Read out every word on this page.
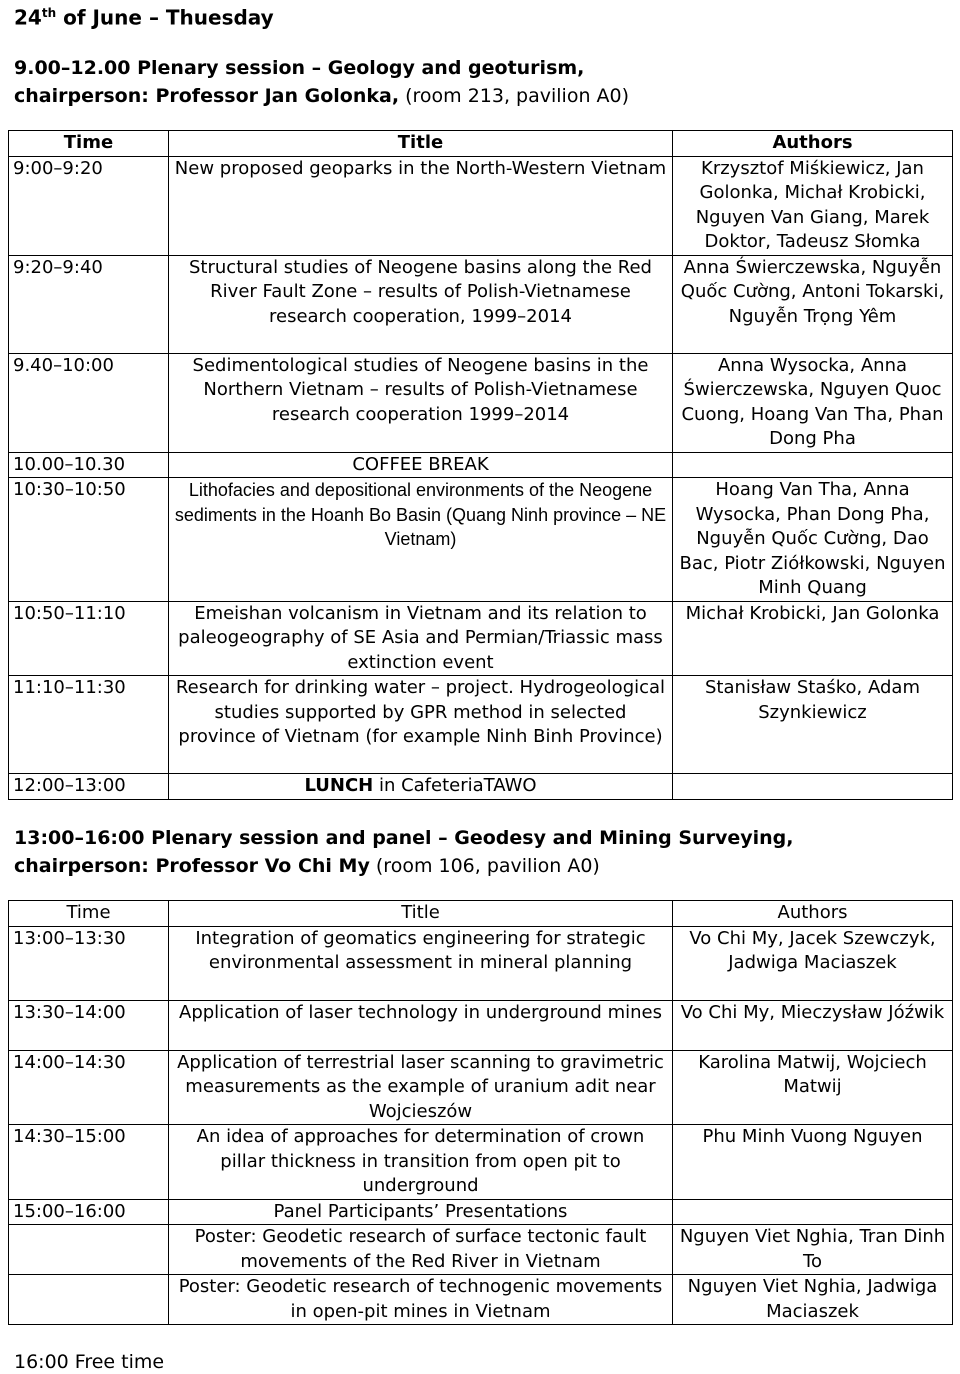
24th of June – Thuesday
9.00–12.00 Plenary session – Geology and geoturism,
chairperson: Professor Jan Golonka, (room 213, pavilion A0)
Time	Title	Authors
9:00–9:20	New proposed geoparks in the North-Western Vietnam	Krzysztof Miśkiewicz, Jan Golonka, Michał Krobicki, Nguyen Van Giang, Marek Doktor, Tadeusz Słomka
9:20–9:40	Structural studies of Neogene basins along the Red River Fault Zone – results of Polish-Vietnamese research cooperation, 1999–2014	Anna Świerczewska, Nguyễn Quốc Cường, Antoni Tokarski, Nguyễn Trọng Yêm
9.40–10:00	Sedimentological studies of Neogene basins in the Northern Vietnam – results of Polish-Vietnamese research cooperation 1999–2014	Anna Wysocka, Anna Świerczewska, Nguyen Quoc Cuong, Hoang Van Tha, Phan Dong Pha
10.00–10.30	COFFEE BREAK	
10:30–10:50	Lithofacies and depositional environments of the Neogene sediments in the Hoanh Bo Basin (Quang Ninh province – NE Vietnam)	Hoang Van Tha, Anna Wysocka, Phan Dong Pha, Nguyễn Quốc Cường, Dao Bac, Piotr Ziółkowski, Nguyen Minh Quang
10:50–11:10	Emeishan volcanism in Vietnam and its relation to paleogeography of SE Asia and Permian/Triassic mass extinction event	Michał Krobicki, Jan Golonka
11:10–11:30	Research for drinking water – project. Hydrogeological studies supported by GPR method in selected province of Vietnam (for example Ninh Binh Province)	Stanisław Staśko, Adam Szynkiewicz
12:00–13:00	LUNCH in CafeteriaTAWO	
13:00–16:00 Plenary session and panel – Geodesy and Mining Surveying,
chairperson: Professor Vo Chi My (room 106, pavilion A0)
Time	Title	Authors
13:00–13:30	Integration of geomatics engineering for strategic environmental assessment in mineral planning	Vo Chi My, Jacek Szewczyk, Jadwiga Maciaszek
13:30–14:00	Application of laser technology in underground mines	Vo Chi My, Mieczysław Jóźwik
14:00–14:30	Application of terrestrial laser scanning to gravimetric measurements as the example of uranium adit near Wojcieszów	Karolina Matwij, Wojciech Matwij
14:30–15:00	An idea of approaches for determination of crown pillar thickness in transition from open pit to underground	Phu Minh Vuong Nguyen
15:00–16:00	Panel Participants’ Presentations	
	Poster: Geodetic research of surface tectonic fault movements of the Red River in Vietnam	Nguyen Viet Nghia, Tran Dinh To
	Poster: Geodetic research of technogenic movements in open-pit mines in Vietnam	Nguyen Viet Nghia, Jadwiga Maciaszek
16:00 Free time
